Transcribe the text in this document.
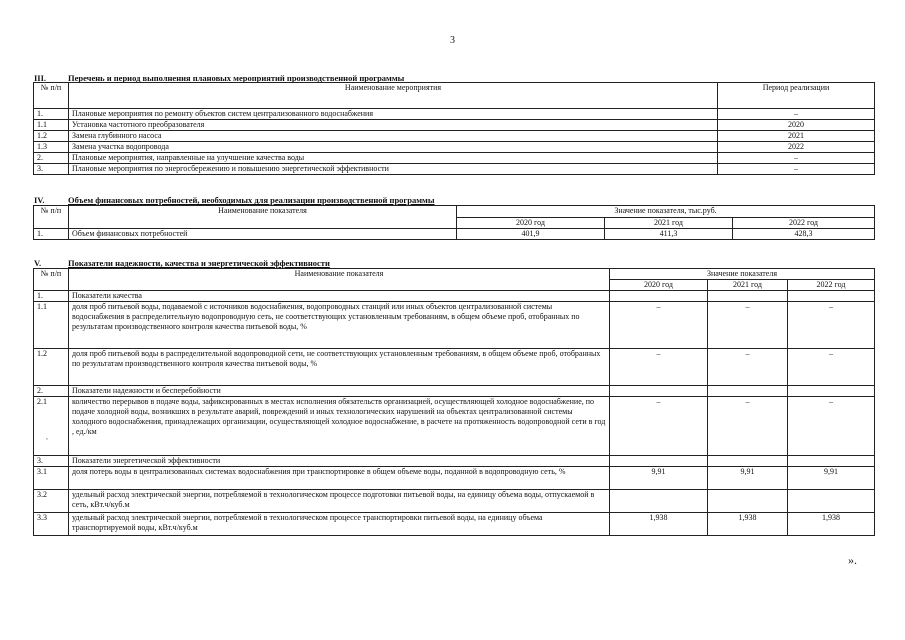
3
III.	Перечень и период выполнения плановых мероприятий производственной программы
№ п/п	Наименование мероприятия	Период реализации
1.	Плановые мероприятия по ремонту объектов систем централизованного водоснабжения	–
1.1	Установка частотного преобразователя	2020
1.2	Замена глубинного насоса	2021
1.3	Замена участка водопровода	2022
2.	Плановые мероприятия, направленные на улучшение качества воды	–
3.	Плановые мероприятия по энергосбережению и повышению энергетической эффективности	–
IV.	Объем финансовых потребностей, необходимых для реализации производственной программы
№ п/п	Наименование показателя	Значение показателя, тыс.руб.		
		2020 год	2021 год	2022 год
1.	Объем финансовых потребностей	401,9	411,3	428,3
V.	Показатели надежности, качества и энергетической эффективности
№ п/п	Наименование показателя	Значение показателя		
		2020 год	2021 год	2022 год
1.	Показатели качества			
1.1	доля проб питьевой воды, подаваемой с источников водоснабжения, водопроводных станций или иных объектов централизованной системы водоснабжения в распределительную водопроводную сеть, не соответствующих установленным требованиям, в общем объеме проб, отобранных по результатам производственного контроля качества питьевой воды, %	–	–	–
1.2	доля проб питьевой воды в распределительной водопроводной сети, не соответствующих установленным требованиям, в общем объеме проб, отобранных по результатам производственного контроля качества питьевой воды, %	–	–	–
2.	Показатели надежности и бесперебойности			
2.1	количество перерывов в подаче воды, зафиксированных в местах исполнения обязательств организацией, осуществляющей холодное водоснабжение, по подаче холодной воды, возникших в результате аварий, повреждений и иных технологических нарушений на объектах централизованной системы холодного водоснабжения, принадлежащих организации, осуществляющей холодное водоснабжение, в расчете на протяженность водопроводной сети в год , ед./км	–	–	–
3.	Показатели энергетической эффективности			
3.1	доля потерь воды в централизованных системах водоснабжения при транспортировке в общем объеме воды, поданной в водопроводную сеть, %	9,91	9,91	9,91
3.2	удельный расход электрической энергии, потребляемой в технологическом процессе подготовки питьевой воды, на единицу объема воды, отпускаемой в сеть, кВт.ч/куб.м			
3.3	удельный расход электрической энергии, потребляемой в технологическом процессе транспортировки питьевой воды, на единицу объема транспортируемой воды, кВт.ч/куб.м	1,938	1,938	1,938
».
,
